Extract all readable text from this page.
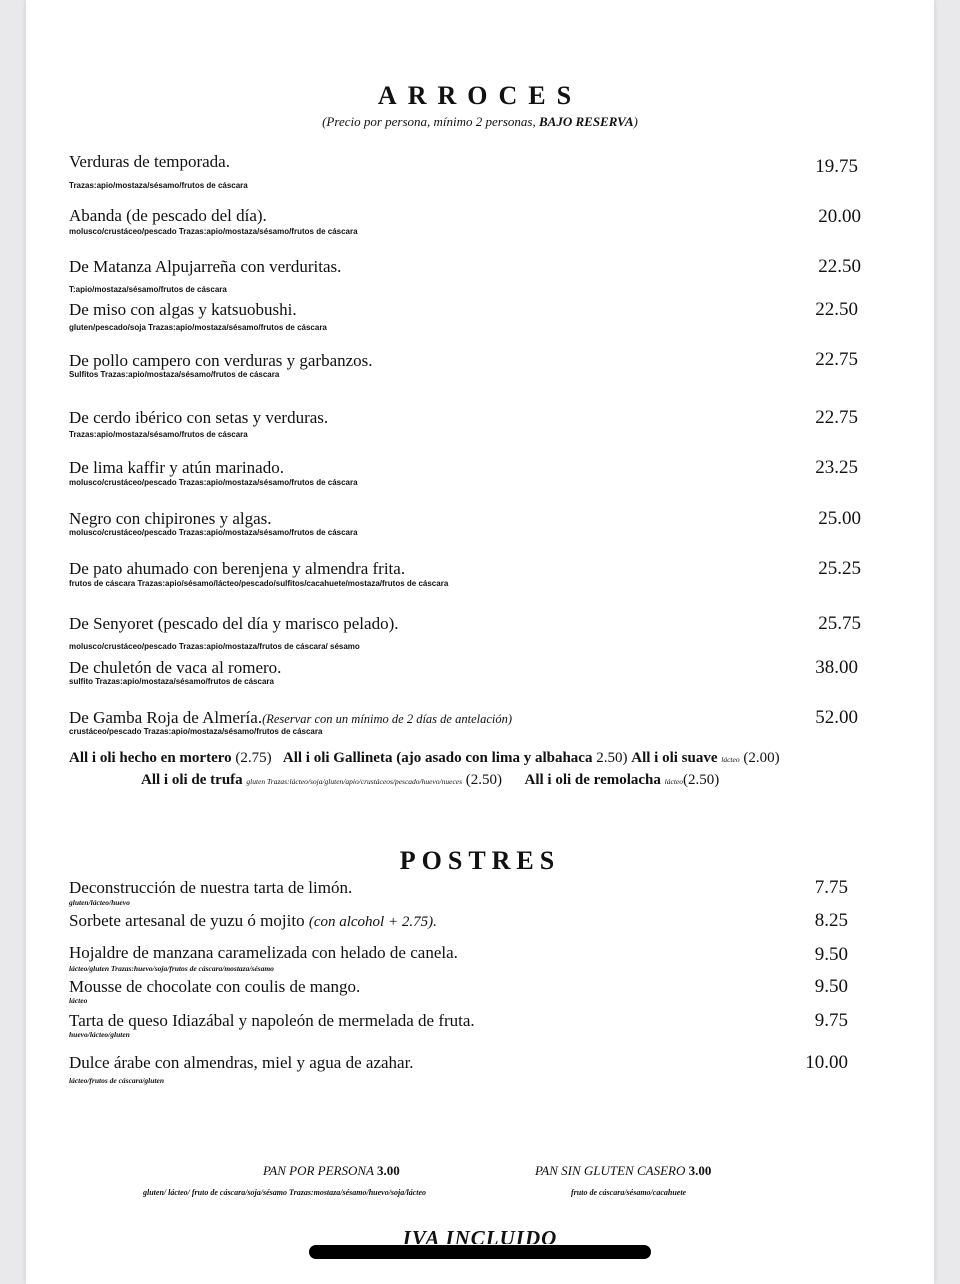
ARROCES
(Precio por persona, mínimo 2 personas, BAJO RESERVA)
Verduras de temporada.
Trazas:apio/mostaza/sésamo/frutos de cáscara
19.75
Abanda (de pescado del día).
molusco/crustáceo/pescado Trazas:apio/mostaza/sésamo/frutos de cáscara
20.00
De Matanza Alpujarreña con verduritas.
T:apio/mostaza/sésamo/frutos de cáscara
22.50
De miso con algas y katsuobushi.
gluten/pescado/soja Trazas:apio/mostaza/sésamo/frutos de cáscara
22.50
De pollo campero con verduras y garbanzos.
Sulfitos Trazas:apio/mostaza/sésamo/frutos de cáscara
22.75
De cerdo ibérico con setas y verduras.
Trazas:apio/mostaza/sésamo/frutos de cáscara
22.75
De lima kaffir y atún marinado.
molusco/crustáceo/pescado Trazas:apio/mostaza/sésamo/frutos de cáscara
23.25
Negro con chipirones y algas.
molusco/crustáceo/pescado Trazas:apio/mostaza/sésamo/frutos de cáscara
25.00
De pato ahumado con berenjena y almendra frita.
frutos de cáscara Trazas:apio/sésamo/lácteo/pescado/sulfitos/cacahuete/mostaza/frutos de cáscara
25.25
De Senyoret (pescado del día y marisco pelado).
molusco/crustáceo/pescado Trazas:apio/mostaza/frutos de cáscara/ sésamo
25.75
De chuletón de vaca al romero.
sulfito Trazas:apio/mostaza/sésamo/frutos de cáscara
38.00
De Gamba Roja de Almería.(Reservar con un mínimo de 2 días de antelación)
crustáceo/pescado Trazas:apio/mostaza/sésamo/frutos de cáscara
52.00
All i oli hecho en mortero (2.75) All i oli Gallineta (ajo asado con lima y albahaca 2.50) All i oli suave lácteo (2.00)
All i oli de trufa gluten Trazas:lácteo/soja/gluten/apio/crustáceos/pescado/huevo/nueces (2.50) All i oli de remolacha lácteo(2.50)
POSTRES
Deconstrucción de nuestra tarta de limón.
gluten/lácteo/huevo
7.75
Sorbete artesanal de yuzu ó mojito (con alcohol + 2.75).	8.25
Hojaldre de manzana caramelizada con helado de canela.
lácteo/gluten Trazas:huevo/soja/frutos de cáscara/mostaza/sésamo
9.50
Mousse de chocolate con coulis de mango.
lácteo
9.50
Tarta de queso Idiazábal y napoleón de mermelada de fruta.
huevo/lácteo/gluten
9.75
Dulce árabe con almendras, miel y agua de azahar.
lácteo/frutos de cáscara/gluten
10.00
PAN POR PERSONA 3.00
gluten/ lácteo/ fruto de cáscara/soja/sésamo Trazas:mostaza/sésamo/huevo/soja/lácteo
PAN SIN GLUTEN CASERO 3.00
fruto de cáscara/sésamo/cacahuete
IVA INCLUIDO
